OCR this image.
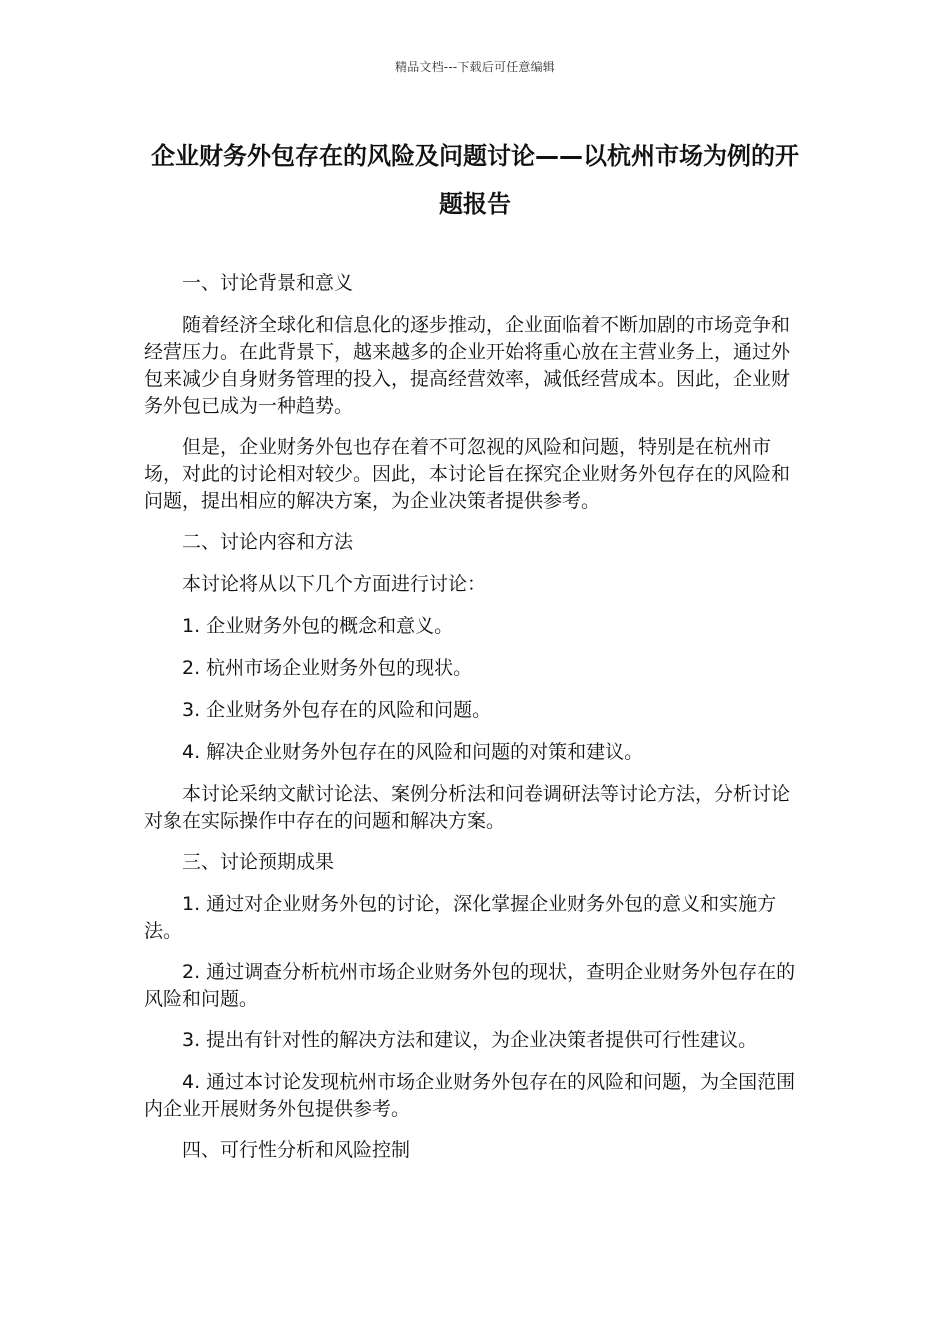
精品文档---下载后可任意编辑
企业财务外包存在的风险及问题讨论——以杭州市场为例的开题报告

一、讨论背景和意义

随着经济全球化和信息化的逐步推动，企业面临着不断加剧的市场竞争和经营压力。在此背景下，越来越多的企业开始将重心放在主营业务上，通过外包来减少自身财务管理的投入，提高经营效率，减低经营成本。因此，企业财务外包已成为一种趋势。

但是，企业财务外包也存在着不可忽视的风险和问题，特别是在杭州市场，对此的讨论相对较少。因此，本讨论旨在探究企业财务外包存在的风险和问题，提出相应的解决方案，为企业决策者提供参考。

二、讨论内容和方法

本讨论将从以下几个方面进行讨论：

1. 企业财务外包的概念和意义。

2. 杭州市场企业财务外包的现状。

3. 企业财务外包存在的风险和问题。

4. 解决企业财务外包存在的风险和问题的对策和建议。

本讨论采纳文献讨论法、案例分析法和问卷调研法等讨论方法，分析讨论对象在实际操作中存在的问题和解决方案。

三、讨论预期成果

1. 通过对企业财务外包的讨论，深化掌握企业财务外包的意义和实施方法。

2. 通过调查分析杭州市场企业财务外包的现状，查明企业财务外包存在的风险和问题。

3. 提出有针对性的解决方法和建议，为企业决策者提供可行性建议。

4. 通过本讨论发现杭州市场企业财务外包存在的风险和问题，为全国范围内企业开展财务外包提供参考。

四、可行性分析和风险控制
